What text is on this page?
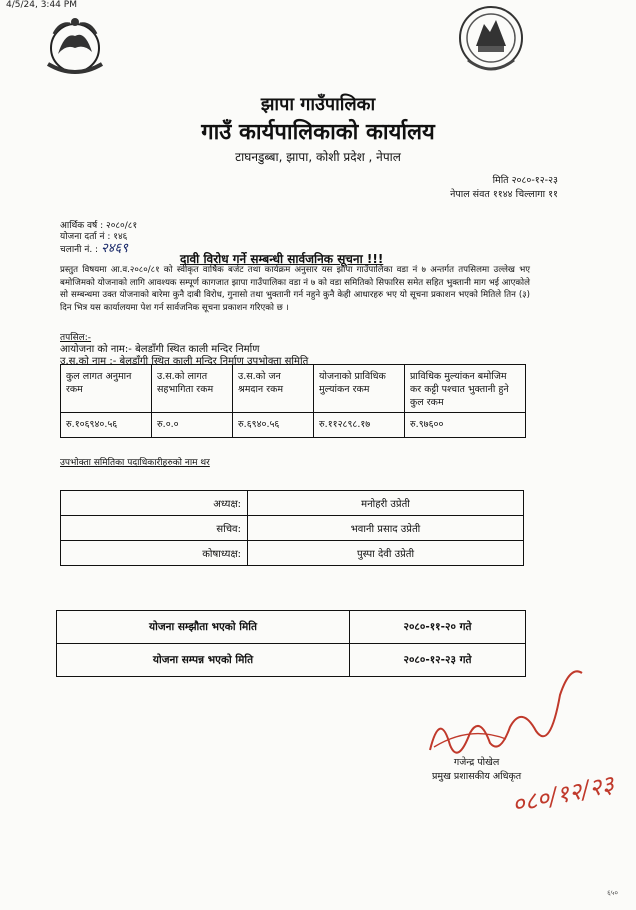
4/5/24, 3:44 PM
झापा गाउँपालिका
गाउँ कार्यपालिकाको कार्यालय
टाघनडुब्बा, झापा, कोशी प्रदेश , नेपाल
मिति २०८०-१२-२३
नेपाल संवत ११४४ चिल्लागा ११
आर्थिक वर्ष : २०८०/८१
योजना दर्ता नं : १४६
चलानी नं. : २४६९
दावी विरोध गर्ने सम्बन्धी सार्वजनिक सूचना !!!
प्रस्तुत विषयमा आ.व.२०८०/८१ को स्वीकृत वार्षिक बजेट तथा कार्यक्रम अनुसार यस झापा गाउँपालिका वडा नं ७ अन्तर्गत तपसिलमा उल्लेख भए बमोजिमको योजनाको लागि आवश्यक सम्पूर्ण कागजात झापा गाउँपालिका वडा नं ७ को वडा समितिको सिफारिस समेत सहित भुक्तानी माग भई आएकोले सो सम्बन्धमा उक्त योजनाको बारेमा कुनै दाबी विरोध, गुनासो तथा भुक्तानी गर्न नहुने कुनै केही आधारहरु भए यो सूचना प्रकाशन भएको मितिले तिन (३) दिन भित्र यस कार्यालयमा पेश गर्न सार्वजनिक सूचना प्रकाशन गरिएको छ ।
तपसिल:-
आयोजना को नाम:- बेलडाँगी स्थित काली मन्दिर निर्माण
उ.स.को नाम :- बेलडाँगी स्थित काली मन्दिर निर्माण उपभोक्ता समिति
कुल लागत अनुमान रकम	उ.स.को लागत सहभागिता रकम	उ.स.को जन श्रमदान रकम	योजनाको प्राविधिक मुल्यांकन रकम	प्राविधिक मुल्यांकन बमोजिम कर कट्टी पश्चात भुक्तानी हुने कुल रकम
रु.१०६९४०.५६	रु.०.०	रु.६९४०.५६	रु.११२८९८.१७	रु.९७६००
उपभोक्ता समितिका पदाधिकारीहरुको नाम थर
अध्यक्ष:	मनोहरी उप्रेती
सचिव:	भवानी प्रसाद उप्रेती
कोषाध्यक्ष:	पुस्पा देवी उप्रेती
योजना सम्झौता भएको मिति	२०८०-११-२० गते
योजना सम्पन्न भएको मिति	२०८०-१२-२३ गते
०८०/१२/२३
गजेन्द्र पोखेल
प्रमुख प्रशासकीय अधिकृत
६५०
